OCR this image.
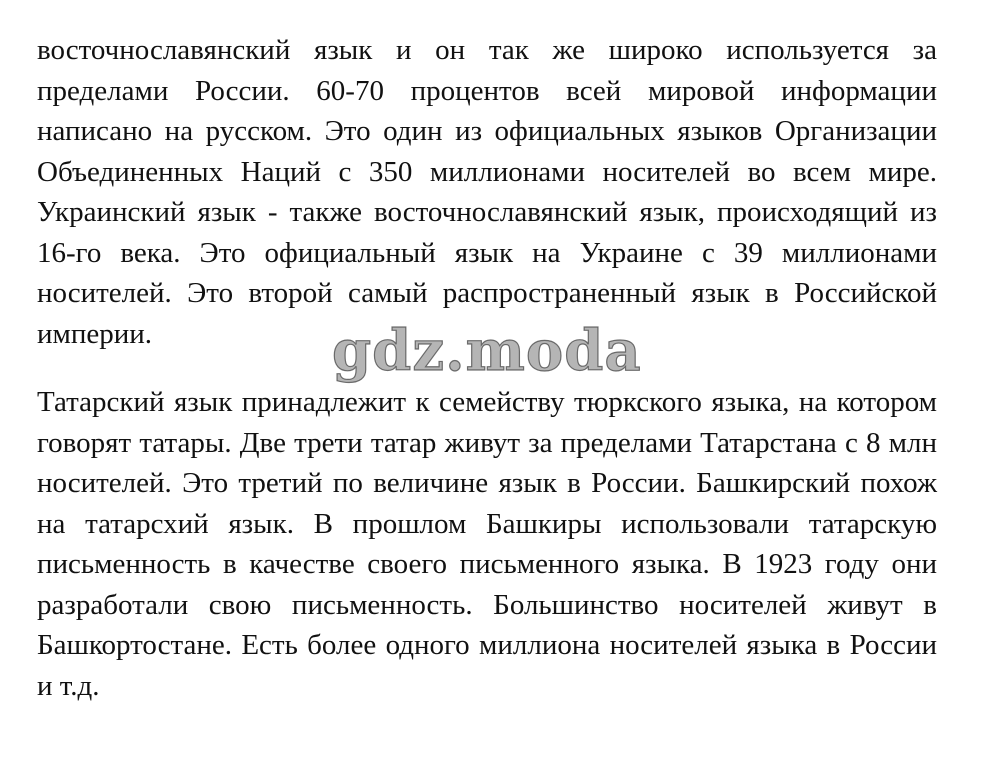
восточнославянский язык и он так же широко используется за пределами России. 60-70 процентов всей мировой информации написано на русском. Это один из официальных языков Организации Объединенных Наций с 350 миллионами носителей во всем мире. Украинский язык - также восточнославянский язык, происходящий из 16-го века. Это официальный язык на Украине с 39 миллионами носителей. Это второй самый распространенный язык в Российской империи.

Татарский язык принадлежит к семейству тюркского языка, на котором говорят татары. Две трети татар живут за пределами Татарстана с 8 млн носителей. Это третий по величине язык в России. Башкирский похож на татарсхий язык. В прошлом Башкиры использовали татарскую письменность в качестве своего письменного языка. В 1923 году они разработали свою письменность. Большинство носителей живут в Башкортостане. Есть более одного миллиона носителей языка в России и т.д.

gdz.moda
